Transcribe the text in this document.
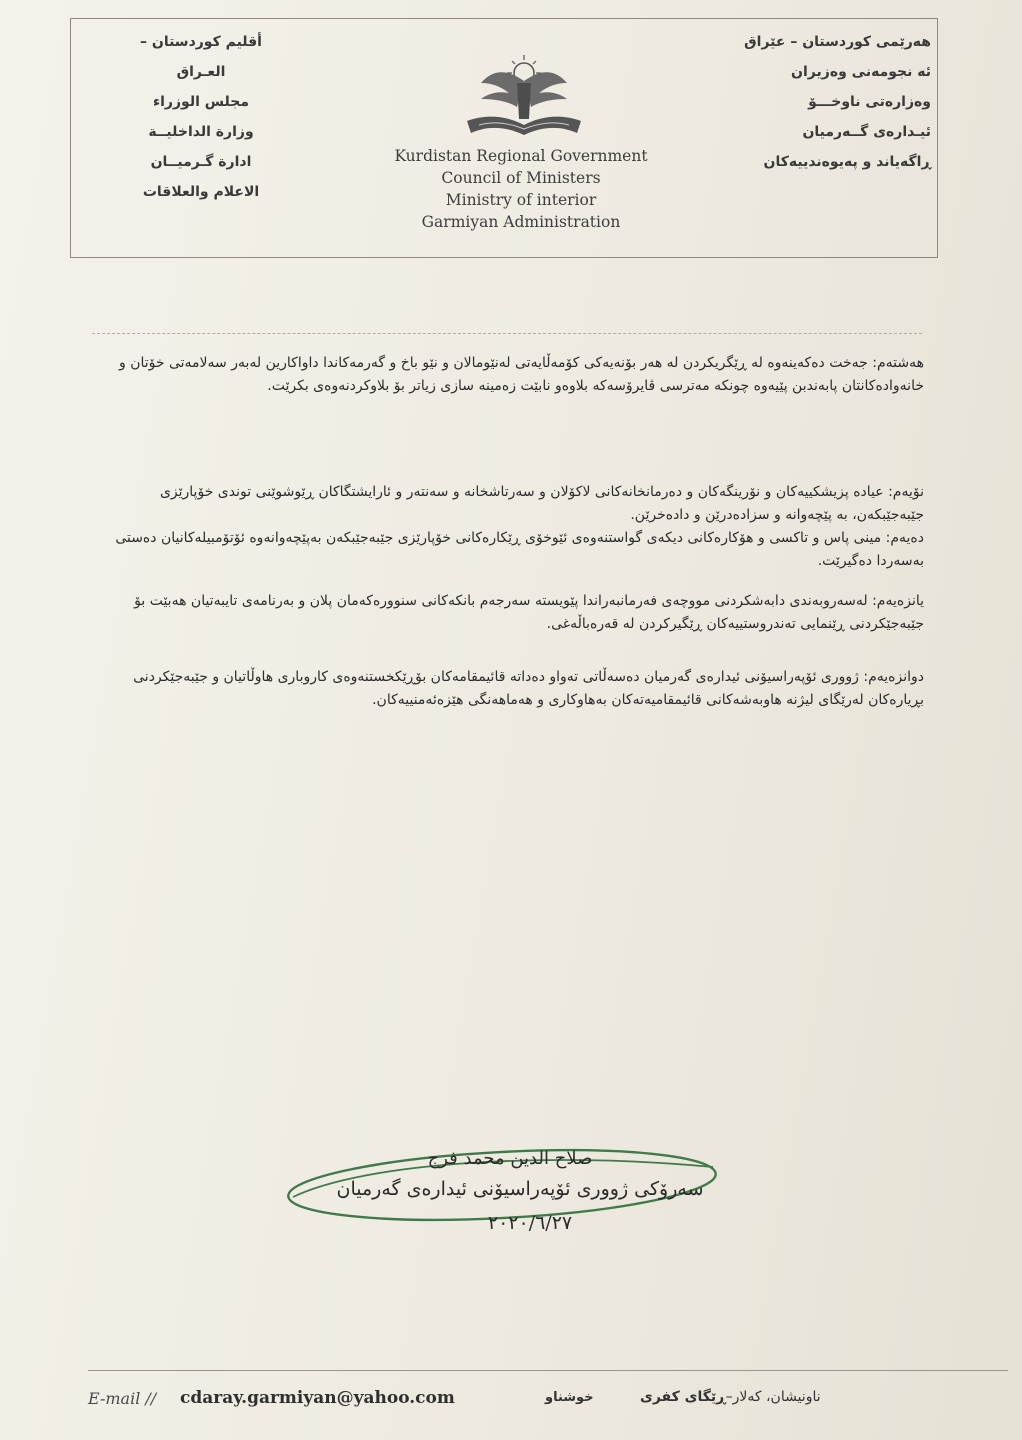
هەرێمی کوردستان – عێراق
ئه نجومه‌نی وه‌زیران
وه‌زاره‌تی ناوخـــۆ
ئیـداره‌ی گــه‌رمیان
ڕاگه‌یاند و پەیوەندییەکان
Kurdistan Regional Government
Council of Ministers
Ministry of interior
Garmiyan Administration
أقليم كوردستان – العـراق
مجلس الوزراء
وزارة الداخليــة
ادارة گـرميــان
الاعلام والعلاقات

هەشتەم: جەخت دەکەینەوە لە ڕێگریکردن لە هەر بۆنەیەکی کۆمەڵایەتی لەنێومالان و نێو باخ و گەرمەکاندا داواکارین لەبەر سەلامەتی خۆتان و خانەوادەکانتان پابەندبن پێیەوە چونکە مەترسی ڤایرۆسەکە بلاوەو نابێت زەمینە سازی زیاتر بۆ بلاوکردنەوەی بکرێت.

نۆیەم: عیادە پزیشکییەکان و نۆرینگەکان و دەرمانخانەکانی لاکۆلان و سەرتاشخانە و سەنتەر و ئارایشتگاکان ڕێوشوێنی توندی خۆپارێزی جێبەجێبکەن، بە پێچەوانە و سزادەدرێن و دادەخرێن.
دەیەم: مینی پاس و تاکسی و هۆکارەکانی دیکەی گواستنەوەی ئێوخۆی ڕێکارەکانی خۆپارێزی جێبەجێبکەن بەپێچەوانەوە ئۆتۆمبیلەکانیان دەستی بەسەردا دەگیرێت.

یانزەیەم: لەسەروبەندی دابەشکردنی مووچەی فەرمانبەراندا پێویستە سەرجەم بانکەکانی سنوورەکەمان پلان و بەرنامەی تایبەتیان هەبێت بۆ جێبەجێکردنی ڕێنمایی تەندروستییەکان ڕێگیرکردن لە قەرەباڵەغی.

دوانزەیەم: ژووری ئۆپەراسیۆنی ئیدارەی گەرمیان دەسەڵاتی تەواو دەداتە قائیمقامەکان بۆڕێکخستنەوەی کاروباری هاوڵاتیان و جێبەجێکردنی بڕیارەکان لەرێگای لیژنە هاوبەشەکانی قائیمقامیەتەکان بەهاوکاری و هەماهەنگی هێزەئەمنییەکان.

صلاح الدين محمد فرج
سەرۆکی ژووری ئۆپەراسیۆنی ئیدارەی گەرمیان
٢٠٢٠/٦/٢٧
E-mail // cdaray.garmiyan@yahoo.com	خوشناو	ناونیشان، کەلار–ڕێگای کفری
